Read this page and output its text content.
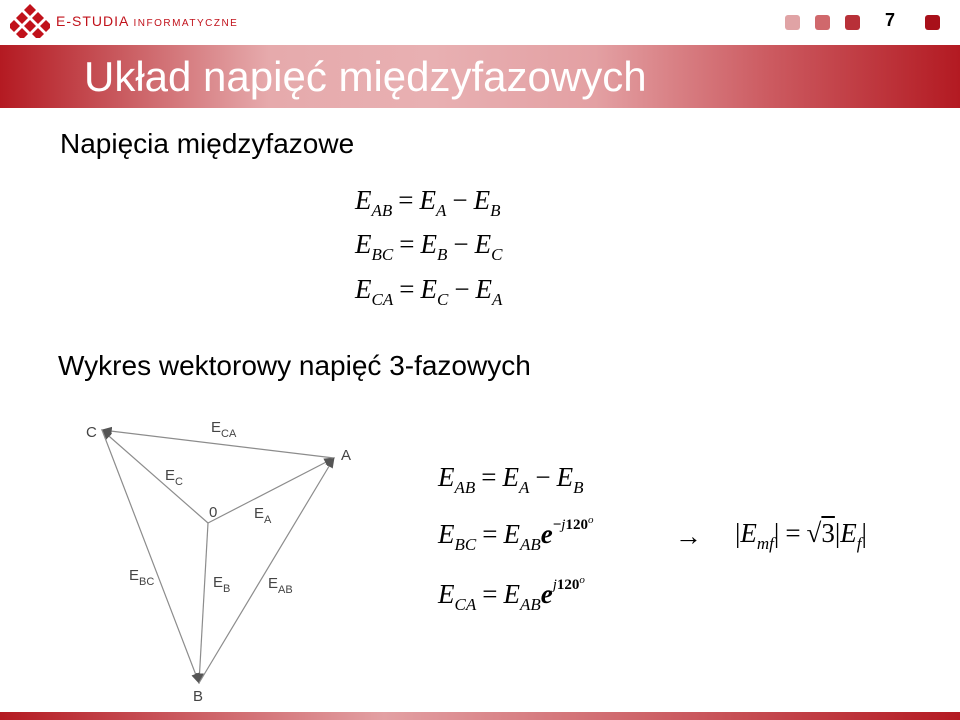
E-STUDIA INFORMATYCZNE	7
Układ napięć międzyfazowych
Napięcia międzyfazowe
$E_{AB} = E_A - E_B$
$E_{BC} = E_B - E_C$
$E_{CA} = E_C - E_A$
Wykres wektorowy napięć 3-fazowych
C
A
B
0
$E_{CA}$
$E_C$
$E_A$
$E_B$
$E_{BC}$	$E_{AB}$
$E_{AB} = E_A - E_B$
$E_{BC} = E_{AB}e^{-j120^o}$
→ $|E_{mf}| = √3|E_f|$
$E_{CA} = E_{AB}e^{j120^o}$
